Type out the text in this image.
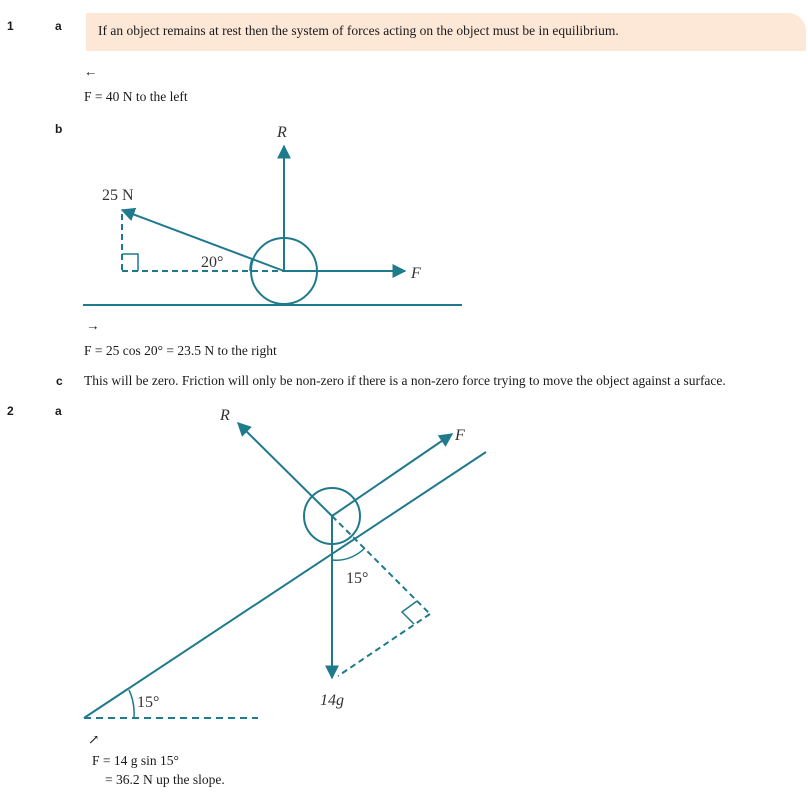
1	a
b
c
2	a
If an object remains at rest then the system of forces acting on the object must be in equilibrium.
←
F = 40 N to the left
R
25 N
20°
F
→
F = 25 cos 20° = 23.5 N to the right
This will be zero. Friction will only be non-zero if there is a non-zero force trying to move the object against a surface.
R
F
15°
15°	14g
↗
F = 14 g sin 15°
= 36.2 N up the slope.
